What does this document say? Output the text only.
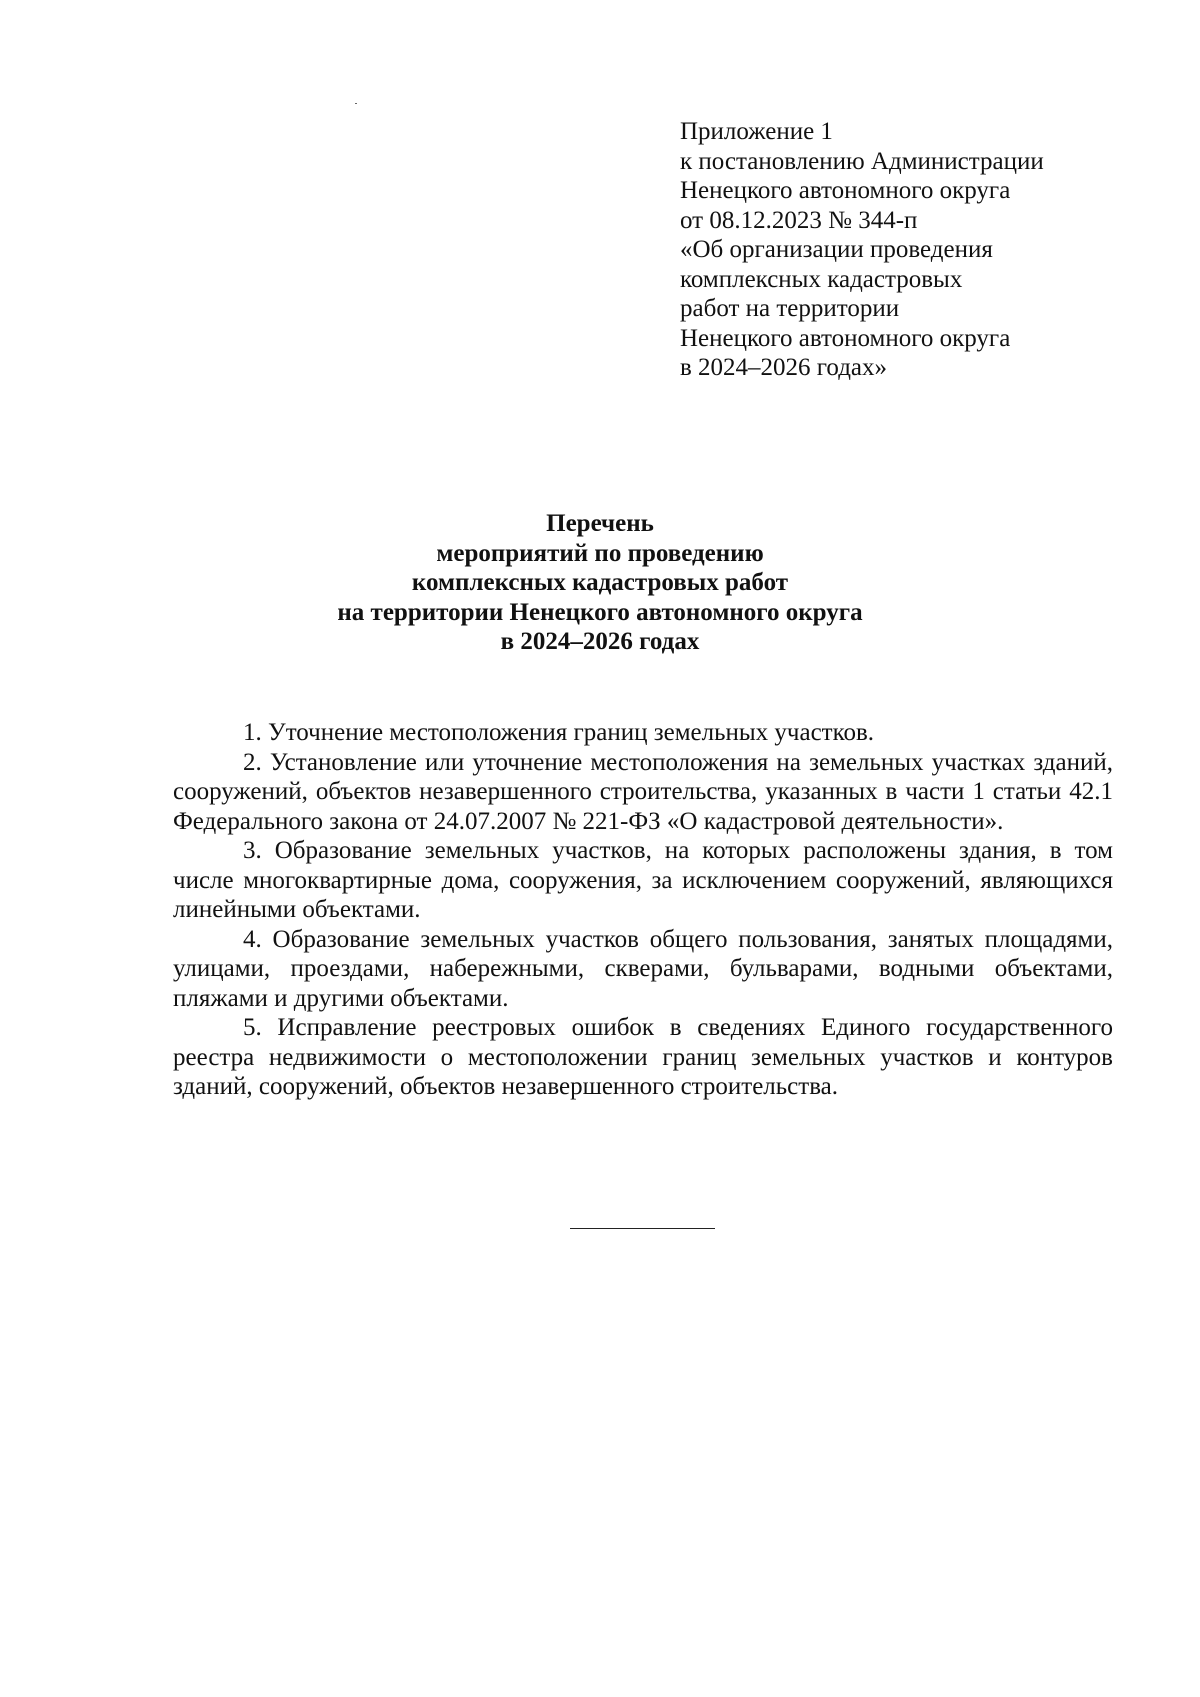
Приложение 1
к постановлению Администрации
Ненецкого автономного округа
от 08.12.2023 № 344-п
«Об организации проведения
комплексных кадастровых
работ на территории
Ненецкого автономного округа
в 2024–2026 годах»
Перечень
мероприятий по проведению
комплексных кадастровых работ
на территории Ненецкого автономного округа
в 2024–2026 годах

1. Уточнение местоположения границ земельных участков.

2. Установление или уточнение местоположения на земельных участках зданий, сооружений, объектов незавершенного строительства, указанных в части 1 статьи 42.1 Федерального закона от 24.07.2007 № 221-ФЗ «О кадастровой деятельности».

3. Образование земельных участков, на которых расположены здания, в том числе многоквартирные дома, сооружения, за исключением сооружений, являющихся линейными объектами.

4. Образование земельных участков общего пользования, занятых площадями, улицами, проездами, набережными, скверами, бульварами, водными объектами, пляжами и другими объектами.

5. Исправление реестровых ошибок в сведениях Единого государственного реестра недвижимости о местоположении границ земельных участков и контуров зданий, сооружений, объектов незавершенного строительства.
